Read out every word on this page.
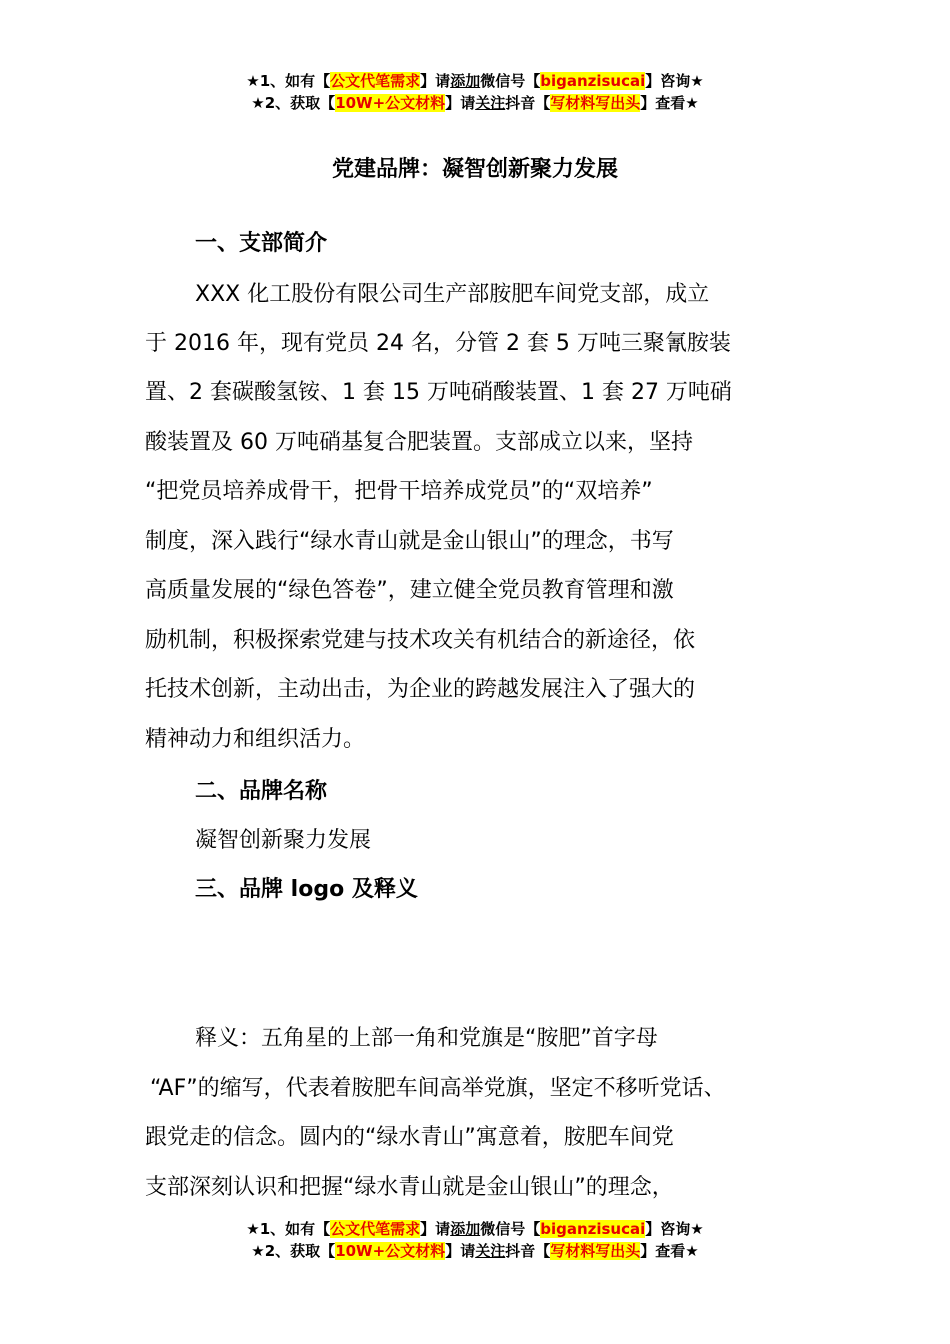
★1、如有【公文代笔需求】请添加微信号【biganzisucai】咨询★
★2、获取【10W+公文材料】请关注抖音【写材料写出头】查看★
党建品牌：凝智创新聚力发展
一、支部简介
XXX 化工股份有限公司生产部胺肥车间党支部，成立
于 2016 年，现有党员 24 名，分管 2 套 5 万吨三聚氰胺装
置、2 套碳酸氢铵、1 套 15 万吨硝酸装置、1 套 27 万吨硝
酸装置及 60 万吨硝基复合肥装置。支部成立以来，坚持
“把党员培养成骨干，把骨干培养成党员”的“双培养”
制度，深入践行“绿水青山就是金山银山”的理念，书写
高质量发展的“绿色答卷”，建立健全党员教育管理和激
励机制，积极探索党建与技术攻关有机结合的新途径，依
托技术创新，主动出击，为企业的跨越发展注入了强大的
精神动力和组织活力。
二、品牌名称
凝智创新聚力发展
三、品牌 logo 及释义
释义：五角星的上部一角和党旗是“胺肥”首字母
“AF”的缩写，代表着胺肥车间高举党旗，坚定不移听党话、
跟党走的信念。圆内的“绿水青山”寓意着，胺肥车间党
支部深刻认识和把握“绿水青山就是金山银山”的理念，
★1、如有【公文代笔需求】请添加微信号【biganzisucai】咨询★
★2、获取【10W+公文材料】请关注抖音【写材料写出头】查看★
